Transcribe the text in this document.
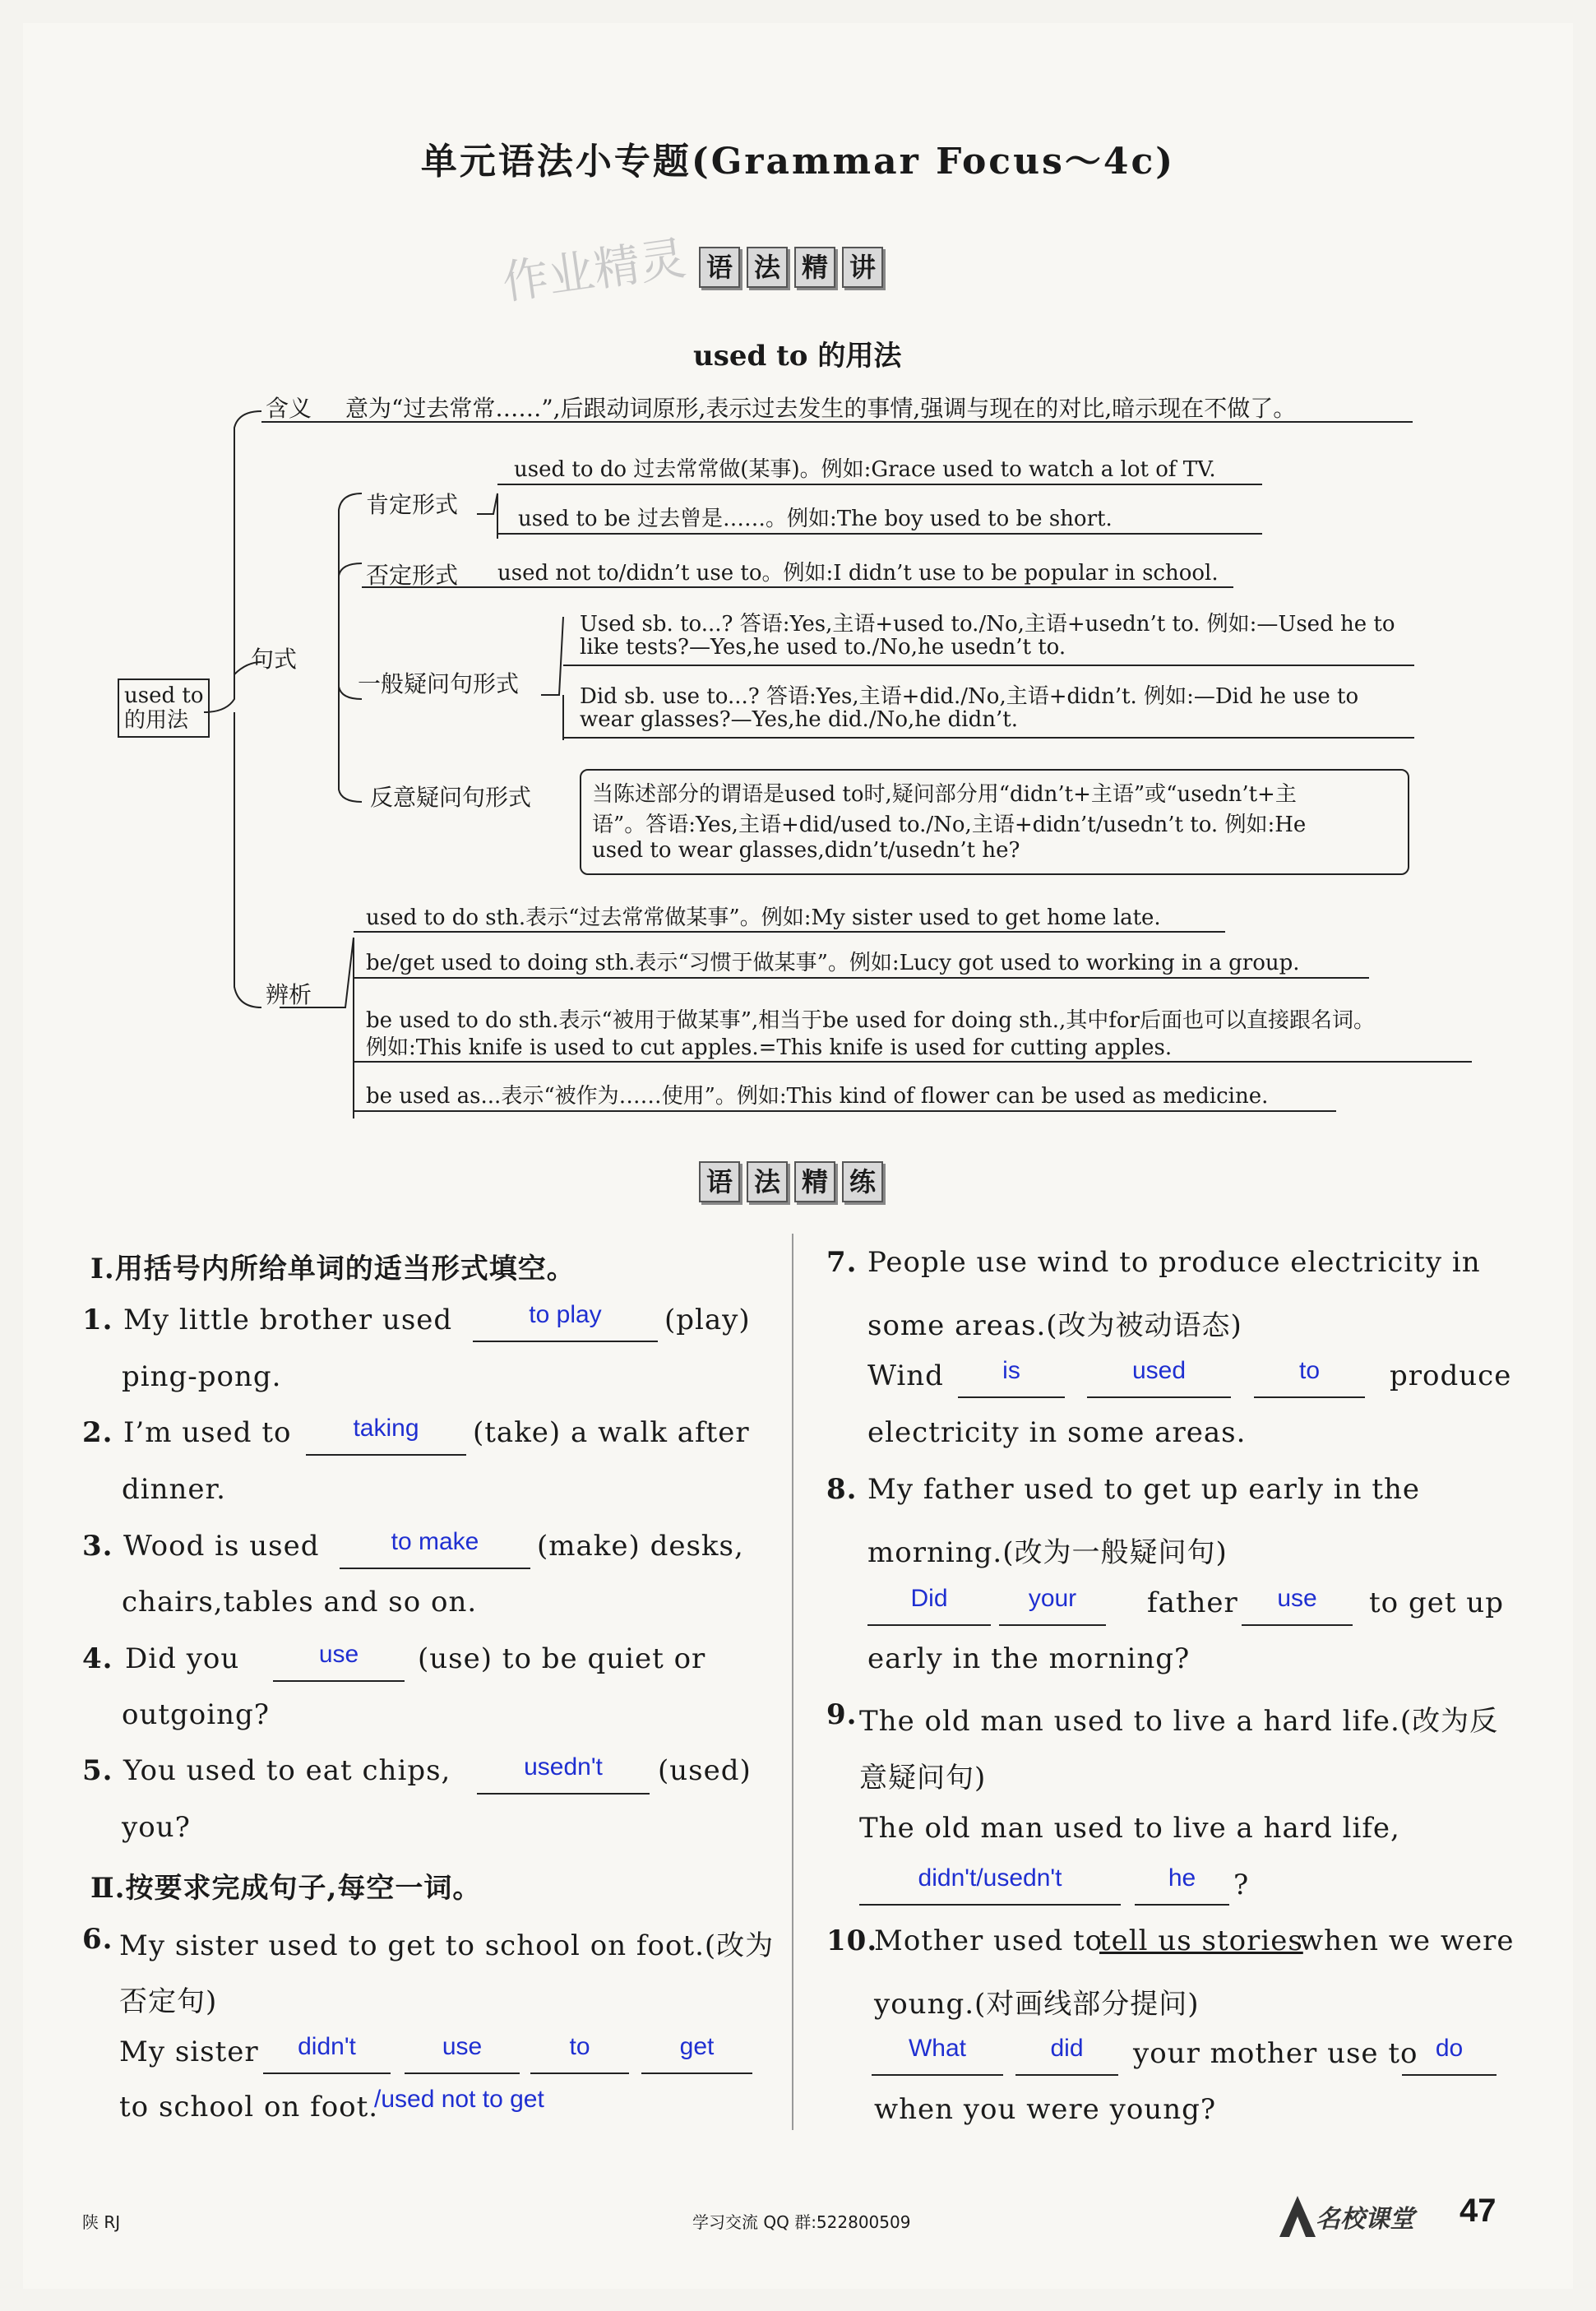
单元语法小专题(Grammar Focus～4c)
作业精灵 语 法 精 讲
used to 的用法
used to
的用法
含义 意为“过去常常……”,后跟动词原形,表示过去发生的事情,强调与现在的对比,暗示现在不做了。
句式
肯定形式
used to do 过去常常做(某事)。例如:Grace used to watch a lot of TV.
used to be 过去曾是……。例如:The boy used to be short.
否定形式 used not to/didn’t use to。例如:I didn’t use to be popular in school.
一般疑问句形式
Used sb. to...? 答语:Yes,主语+used to./No,主语+usedn’t to. 例如:—Used he to
like tests?—Yes,he used to./No,he usedn’t to.
Did sb. use to...? 答语:Yes,主语+did./No,主语+didn’t. 例如:—Did he use to
wear glasses?—Yes,he did./No,he didn’t.
反意疑问句形式	当陈述部分的谓语是used to时,疑问部分用“didn’t+主语”或“usedn’t+主
语”。答语:Yes,主语+did/used to./No,主语+didn’t/usedn’t to. 例如:He
used to wear glasses,didn’t/usedn’t he?
辨析
used to do sth.表示“过去常常做某事”。例如:My sister used to get home late.
be/get used to doing sth.表示“习惯于做某事”。例如:Lucy got used to working in a group.
be used to do sth.表示“被用于做某事”,相当于be used for doing sth.,其中for后面也可以直接跟名词。
例如:This knife is used to cut apples.=This knife is used for cutting apples.
be used as...表示“被作为……使用”。例如:This kind of flower can be used as medicine.
语 法 精 练
Ⅰ.用括号内所给单词的适当形式填空。
1. My little brother used	to play	(play)
ping-pong.
2. I’m used to	taking	(take) a walk after
dinner.
3. Wood is used	to make	(make) desks,
chairs,tables and so on.
4. Did you	use	(use) to be quiet or
outgoing?
5. You used to eat chips,	usedn't	(used)
you?
Ⅱ.按要求完成句子,每空一词。
6. My sister used to get to school on foot.(改为
否定句)
My sister	didn't	use	to	get
to school on foot.
/used not to get
7. People use wind to produce electricity in
some areas.(改为被动语态)
Wind	is	used	to	produce
electricity in some areas.
8. My father used to get up early in the
morning.(改为一般疑问句)
Did	your	father	use	to get up
early in the morning?
9. The old man used to live a hard life.(改为反
意疑问句)
The old man used to live a hard life,
didn't/usedn't	he	?
10.
Mother used to
tell us stories
when we were
young.(对画线部分提问)
What	did	your mother use to do
when you were young?
陕 RJ	学习交流 QQ 群:522800509	名校课堂 47
